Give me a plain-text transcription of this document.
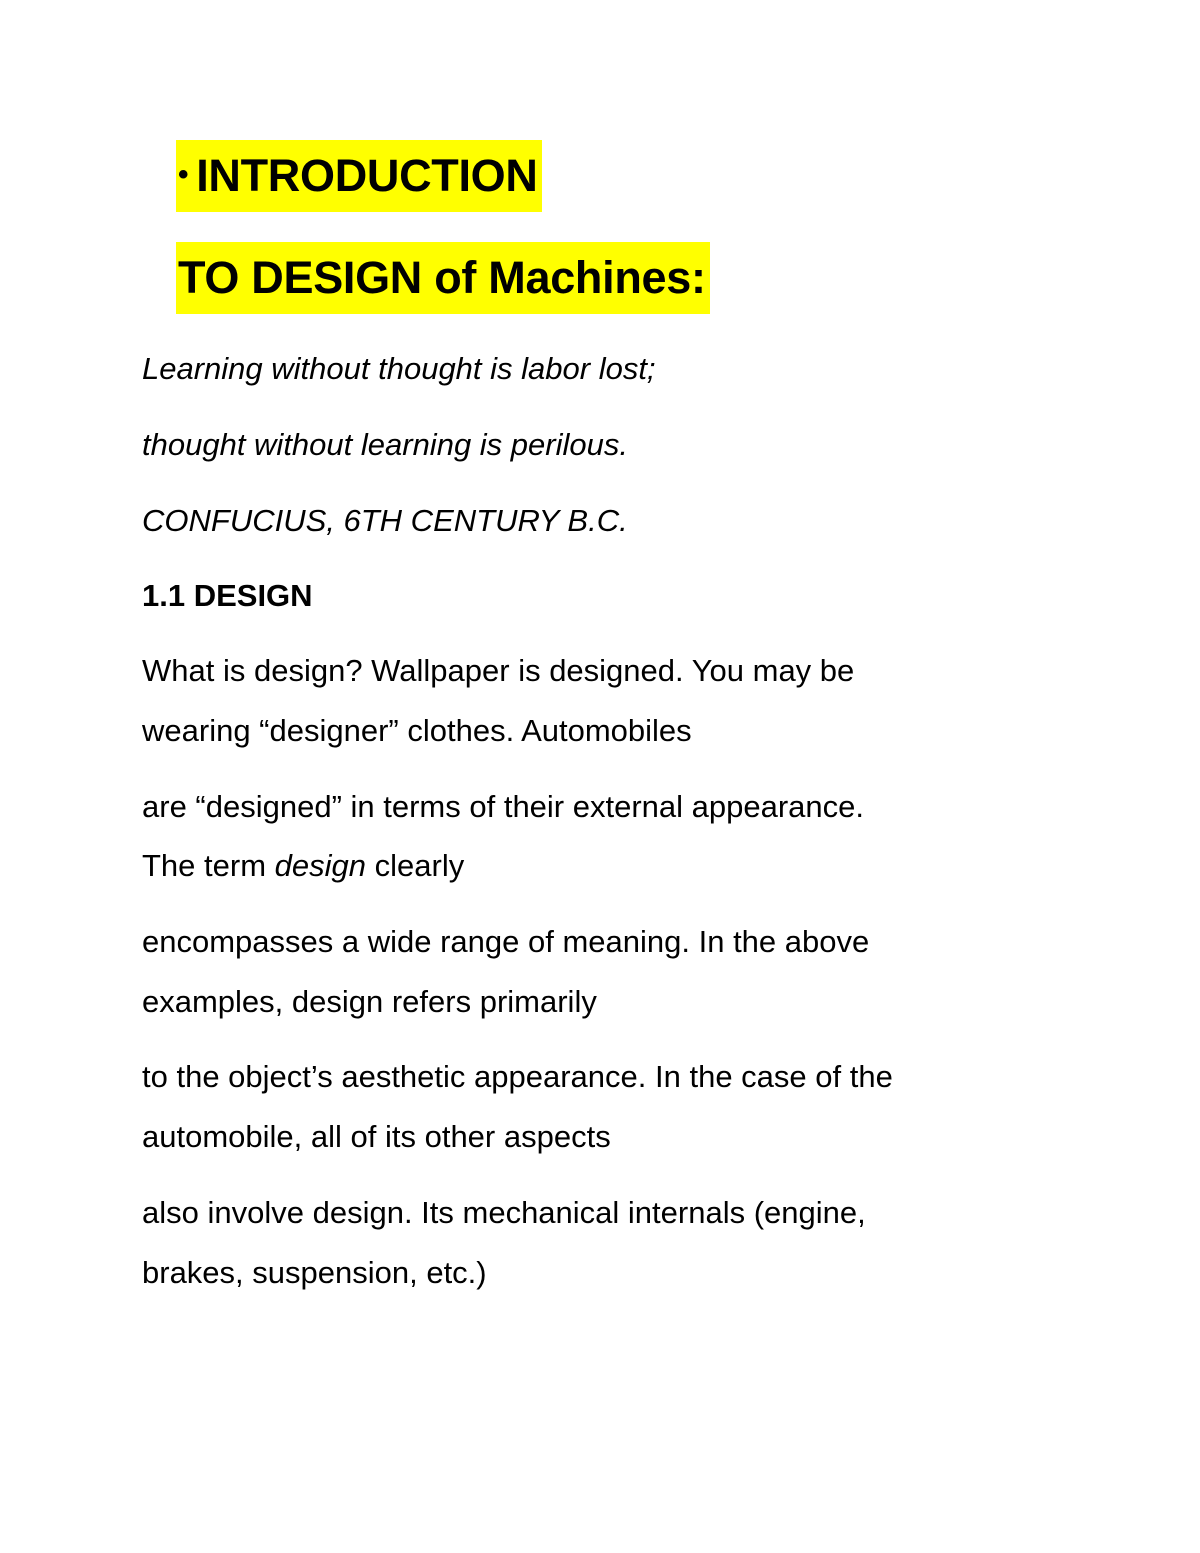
• INTRODUCTION
TO DESIGN of Machines:
Learning without thought is labor lost;
thought without learning is perilous.
CONFUCIUS, 6TH CENTURY B.C.
1.1 DESIGN
What is design? Wallpaper is designed. You may be
wearing “designer” clothes. Automobiles
are “designed” in terms of their external appearance.
The term design clearly
encompasses a wide range of meaning. In the above
examples, design refers primarily
to the object’s aesthetic appearance. In the case of the
automobile, all of its other aspects
also involve design. Its mechanical internals (engine,
brakes, suspension, etc.)
